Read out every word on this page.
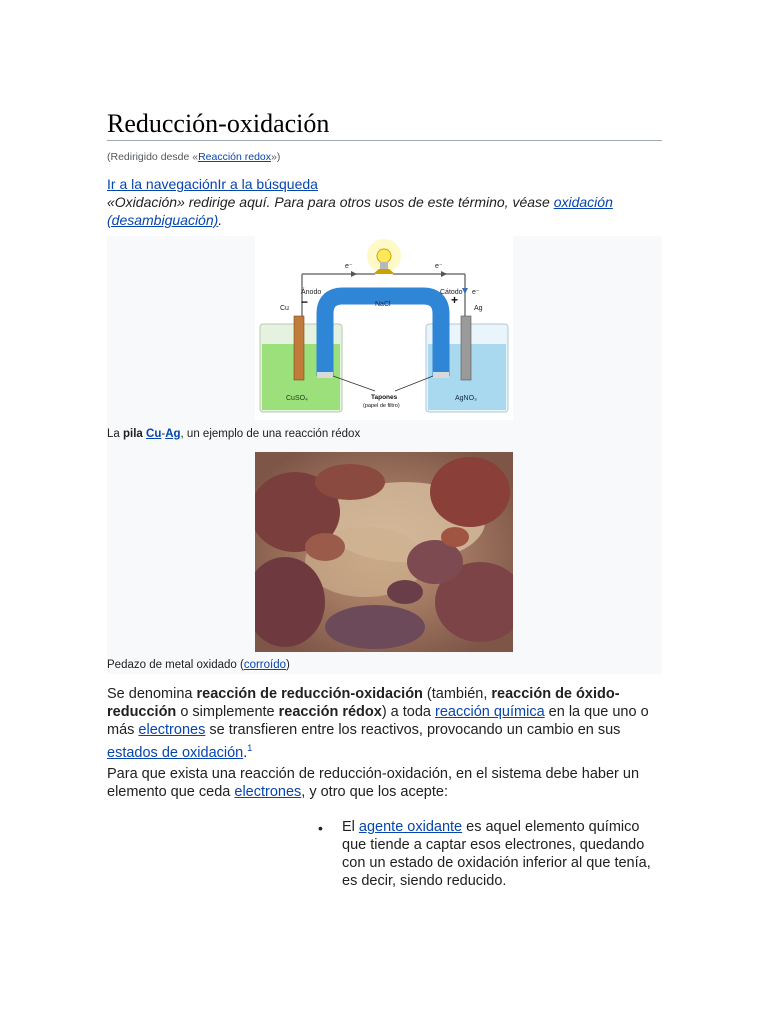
Reducción-oxidación
(Redirigido desde «Reacción redox»)
Ir a la navegaciónIr a la búsqueda
«Oxidación» redirige aquí. Para para otros usos de este término, véase oxidación (desambiguación).
e⁻	e⁻
e⁻
Ánodo	Cátodo
−	+
Cu	Ag
NaCl
CuSO₄	AgNO₃
Tapones
(papel de filtro)
La pila Cu-Ag, un ejemplo de una reacción rédox
Pedazo de metal oxidado (corroído)
Se denomina reacción de reducción-oxidación (también, reacción de óxido-reducción o simplemente reacción rédox) a toda reacción química en la que uno o más electrones se transfieren entre los reactivos, provocando un cambio en sus estados de oxidación.$^1$
Para que exista una reacción de reducción-oxidación, en el sistema debe haber un elemento que ceda electrones, y otro que los acepte:
• El agente oxidante es aquel elemento químico que tiende a captar esos electrones, quedando con un estado de oxidación inferior al que tenía, es decir, siendo reducido.
